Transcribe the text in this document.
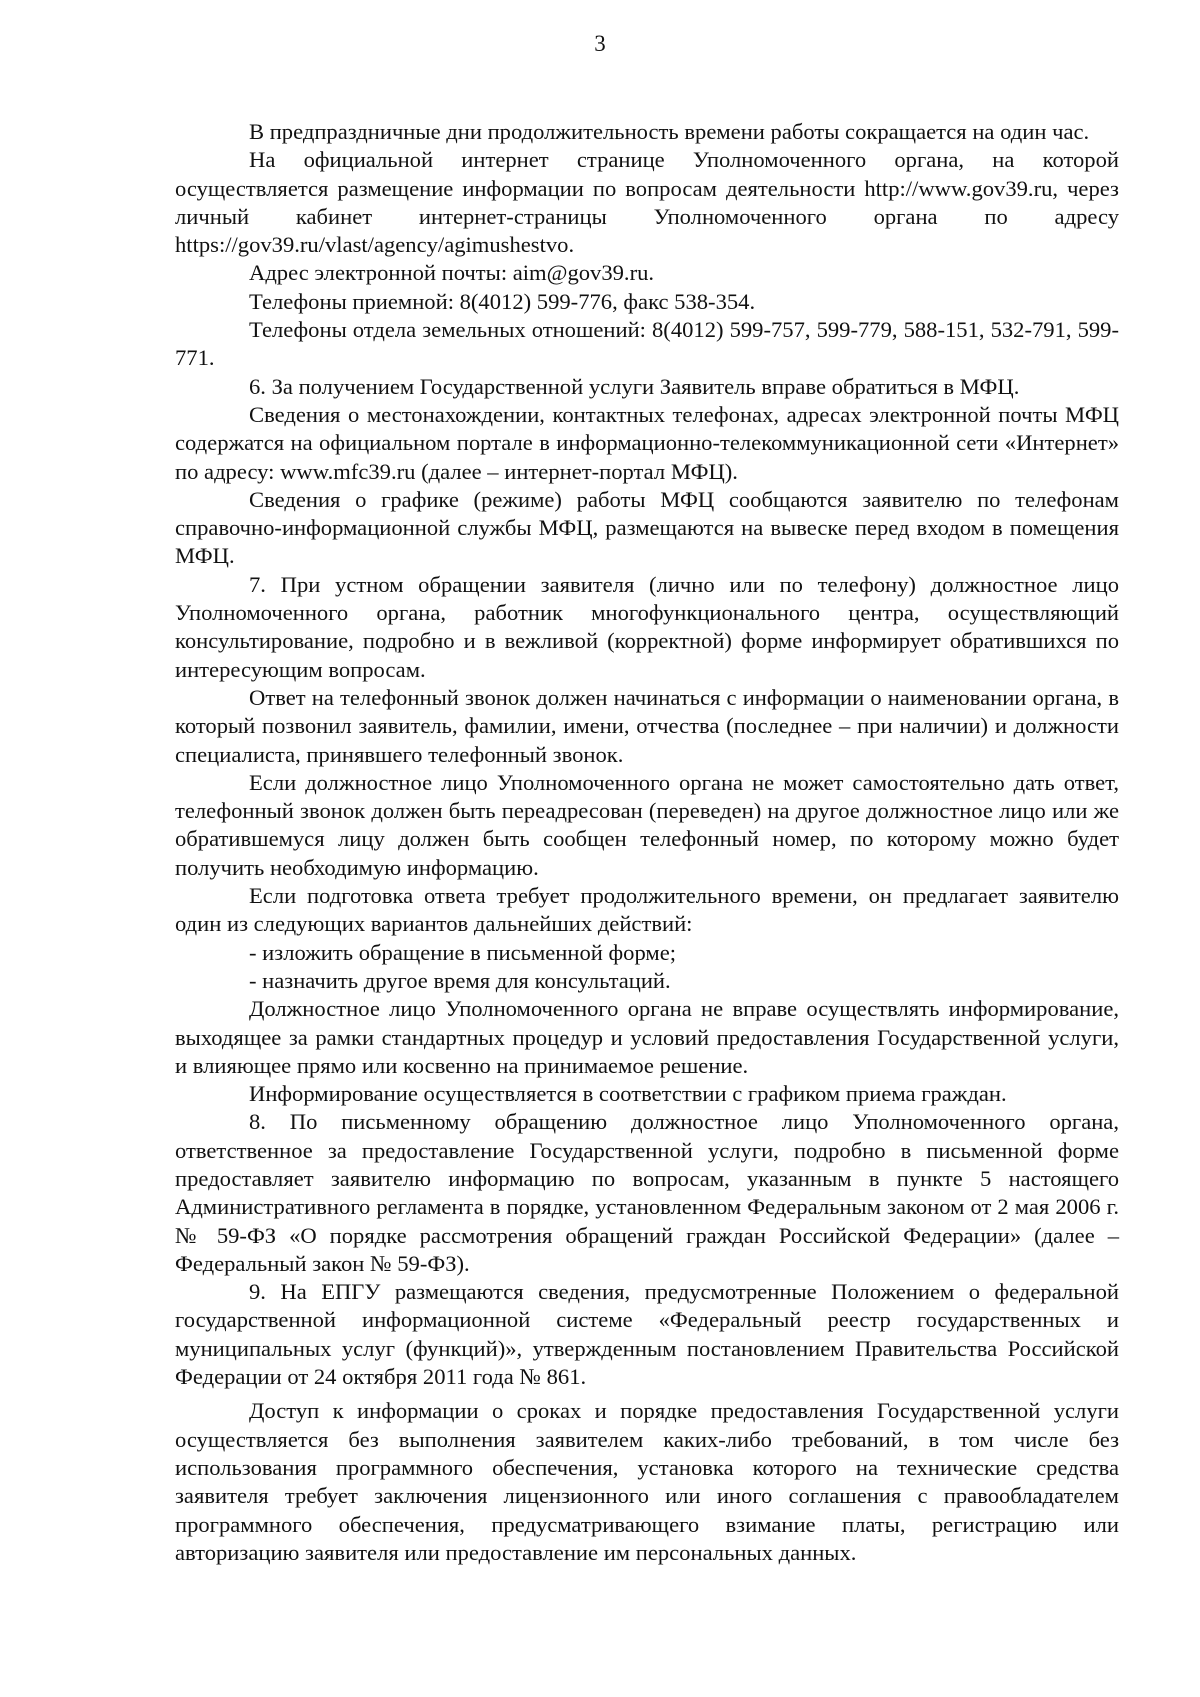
3

В предпраздничные дни продолжительность времени работы сокращается на один час.

На официальной интернет странице Уполномоченного органа, на которой осуществляется размещение информации по вопросам деятельности http://www.gov39.ru, через личный кабинет интернет-страницы Уполномоченного органа по адресу https://gov39.ru/vlast/agency/agimushestvo.

Адрес электронной почты: aim@gov39.ru.

Телефоны приемной: 8(4012) 599-776, факс 538-354.

Телефоны отдела земельных отношений: 8(4012) 599-757, 599-779, 588-151, 532-791, 599-771.

6. За получением Государственной услуги Заявитель вправе обратиться в МФЦ.

Сведения о местонахождении, контактных телефонах, адресах электронной почты МФЦ содержатся на официальном портале в информационно-телекоммуникационной сети «Интернет» по адресу: www.mfc39.ru (далее – интернет-портал МФЦ).

Сведения о графике (режиме) работы МФЦ сообщаются заявителю по телефонам справочно-информационной службы МФЦ, размещаются на вывеске перед входом в помещения МФЦ.

7. При устном обращении заявителя (лично или по телефону) должностное лицо Уполномоченного органа, работник многофункционального центра, осуществляющий консультирование, подробно и в вежливой (корректной) форме информирует обратившихся по интересующим вопросам.

Ответ на телефонный звонок должен начинаться с информации о наименовании органа, в который позвонил заявитель, фамилии, имени, отчества (последнее – при наличии) и должности специалиста, принявшего телефонный звонок.

Если должностное лицо Уполномоченного органа не может самостоятельно дать ответ, телефонный звонок должен быть переадресован (переведен) на другое должностное лицо или же обратившемуся лицу должен быть сообщен телефонный номер, по которому можно будет получить необходимую информацию.

Если подготовка ответа требует продолжительного времени, он предлагает заявителю один из следующих вариантов дальнейших действий:

- изложить обращение в письменной форме;

- назначить другое время для консультаций.

Должностное лицо Уполномоченного органа не вправе осуществлять информирование, выходящее за рамки стандартных процедур и условий предоставления Государственной услуги, и влияющее прямо или косвенно на принимаемое решение.

Информирование осуществляется в соответствии с графиком приема граждан.

8. По письменному обращению должностное лицо Уполномоченного органа, ответственное за предоставление Государственной услуги, подробно в письменной форме предоставляет заявителю информацию по вопросам, указанным в пункте 5 настоящего Административного регламента в порядке, установленном Федеральным законом от 2 мая 2006 г. № 59-ФЗ «О порядке рассмотрения обращений граждан Российской Федерации» (далее – Федеральный закон № 59-ФЗ).

9. На ЕПГУ размещаются сведения, предусмотренные Положением о федеральной государственной информационной системе «Федеральный реестр государственных и муниципальных услуг (функций)», утвержденным постановлением Правительства Российской Федерации от 24 октября 2011 года № 861.

Доступ к информации о сроках и порядке предоставления Государственной услуги осуществляется без выполнения заявителем каких-либо требований, в том числе без использования программного обеспечения, установка которого на технические средства заявителя требует заключения лицензионного или иного соглашения с правообладателем программного обеспечения, предусматривающего взимание платы, регистрацию или авторизацию заявителя или предоставление им персональных данных.
